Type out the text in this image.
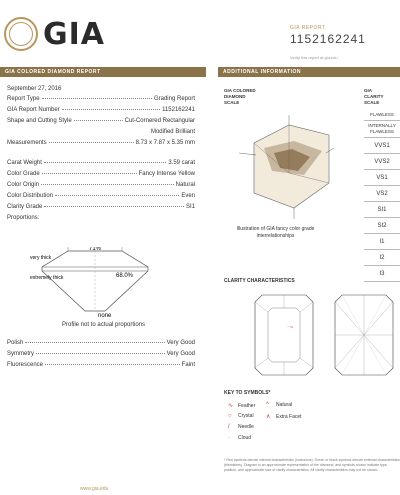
GIA	GIA REPORT
1152162241
Verify this report at gia.edu
GIA COLORED DIAMOND REPORT	ADDITIONAL INFORMATION
September 27, 2016
Report Type	Grading Report
GIA Report Number	1152162241
Shape and Cutting Style	Cut-Cornered Rectangular
Modified Brilliant
Measurements	8.73 x 7.87 x 5.35 mm
Carat Weight	3.59 carat
Color Grade	Fancy Intense Yellow
Color Origin	Natural
Color Distribution	Even
Clarity Grade	SI1
Proportions:
71%
68.0%
very thick
extremely thick
none
Profile not to actual proportions
Polish	Very Good
Symmetry	Very Good
Fluorescence	Faint
www.gia.edu
GIA COLORED
DIAMOND
SCALE
Illustration of GIA fancy color grade interrelationships
GIA
CLARITY
SCALE
FLAWLESS
INTERNALLY FLAWLESS
VVS1
VVS2
VS1
VS2
SI1
SI2
I1
I2
I3
CLARITY CHARACTERISTICS
~ o
KEY TO SYMBOLS*
∿ Feather ^	Natural
○	Crystal ∧	Extra Facet
/	Needle
·	Cloud
* Red symbols denote internal characteristics (inclusions). Green or black symbols denote external characteristics (blemishes). Diagram is an approximate representation of the diamond, and symbols shown indicate type, position, and approximate size of clarity characteristics. All clarity characteristics may not be shown.
